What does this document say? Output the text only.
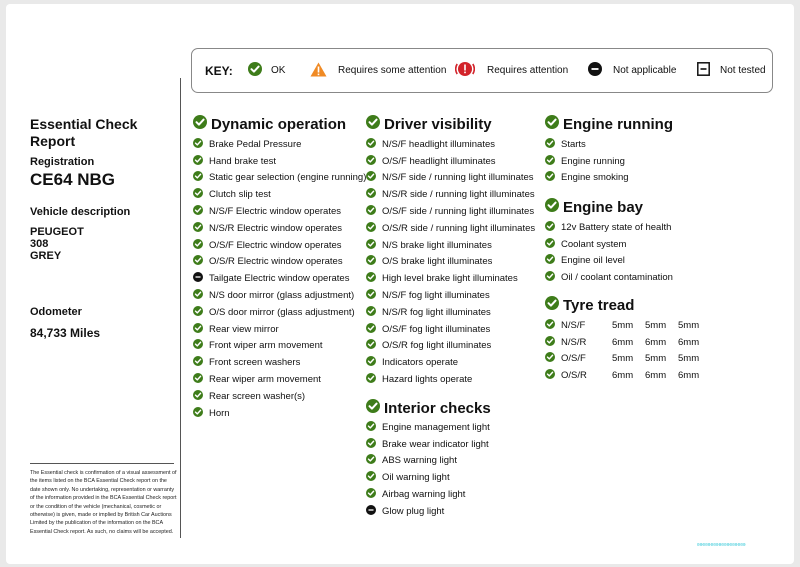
KEY:	OK	Requires some attention	Requires attention	Not applicable	Not tested
Essential Check Report
Registration
CE64 NBG
Vehicle description
PEUGEOT
308
GREY
Odometer
84,733 Miles
The Essential check is confirmation of a visual assessment of the items listed on the BCA Essential Check report on the date shown only. No undertaking, representation or warranty of the information provided in the BCA Essential Check report or the condition of the vehicle (mechanical, cosmetic or otherwise) is given, made or implied by British Car Auctions Limited by the publication of the information on the BCA Essential Check report. As such, no claims will be accepted.
Dynamic operation
Brake Pedal Pressure
Hand brake test
Static gear selection (engine running)
Clutch slip test
N/S/F Electric window operates
N/S/R Electric window operates
O/S/F Electric window operates
O/S/R Electric window operates
Tailgate Electric window operates
N/S door mirror (glass adjustment)
O/S door mirror (glass adjustment)
Rear view mirror
Front wiper arm movement
Front screen washers
Rear wiper arm movement
Rear screen washer(s)
Horn
Driver visibility
N/S/F headlight illuminates
O/S/F headlight illuminates
N/S/F side / running light illuminates
N/S/R side / running light illuminates
O/S/F side / running light illuminates
O/S/R side / running light illuminates
N/S brake light illuminates
O/S brake light illuminates
High level brake light illuminates
N/S/F fog light illuminates
N/S/R fog light illuminates
O/S/F fog light illuminates
O/S/R fog light illuminates
Indicators operate
Hazard lights operate
Interior checks
Engine management light
Brake wear indicator light
ABS warning light
Oil warning light
Airbag warning light
Glow plug light
Engine running
Starts
Engine running
Engine smoking
Engine bay
12v Battery state of health
Coolant system
Engine oil level
Oil / coolant contamination
Tyre tread
N/S/F	5mm	5mm	5mm
N/S/R	6mm	6mm	6mm
O/S/F	5mm	5mm	5mm
O/S/R	6mm	6mm	6mm
000000000000000000
